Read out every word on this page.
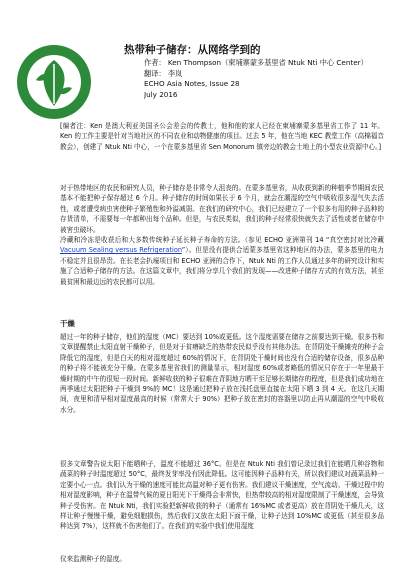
热带种子储存：从网络学到的
作者： Ken Thompson（柬埔寨蒙多基里省 Ntuk Nti 中心 Center）
翻译： 李岚
ECHO Asia Notes, Issue 28
July 2016
[编者注：Ken 是澳大利亚美国圣公会差会的传教士，他和他的家人已经在柬埔寨蒙多基里省工作了 11 年。Ken 的工作主要是针对当地社区的不同农业和动物健康的项目。过去 5 年，他在当地 KEC 教堂工作（高棉福音教会），创建了 Ntuk Nti 中心，一个在蒙多基里省 Sen Monorum 镇旁边的教会土地上的小型农业资源中心。]

对于热带地区的农民和研究人员，种子储存是非常令人沮丧的。在蒙多基里省，从收获到新的种植季节期间农民基本不能把种子保存超过 6 个月。种子储存的时间如果长于 6 个月，就会在潮湿的空气中吸收很多湿气失去活性，或者遭受病虫害使种子繁殖性和外溢减弱。在我们的研究中心，我们已经建立了一个很多有用的种子品种的存货清单，不需要每一年都种出每个品种。但是，与农民类似，我们的种子经常很快就失去了活性或者在储存中被害虫破坏。

冷藏和冷冻是收获后和大多数传统种子延长种子寿命的方法。（参见 ECHO 亚洲第刊 14 “真空密封对比冷藏 Vacuum Sealing versus Refrigeration”）。但是没有提供合适蒙多基里省这种地区的办法，蒙多基里的电力不稳定并且很昂贵。在长老会扒壕项目和 ECHO 亚洲的合作下，Ntuk Nti 的工作人员通过多年的研究设计和实施了合适种子储存的方法。在这篇文章中，我们将分享几个我们的发现——改进种子储存方式的有效方法，甚至最贫困和最边远的农民都可以用。

干燥
超过一年的种子储存，他们的湿度（MC）要达到 10%或更低。这个湿度需要在储存之前要达到干燥。很多书和文章提醒禁止太阳直射干燥种子，但是对于贫瘠缺乏的热带农民似乎没有其他办法。在背阴处干燥摊壳的种子会降低它的湿度，但是白天的相对湿度超过 60%的情况下，在背阴处干燥时间也没有合适的储存设备，很多品种的种子将不能被充分干燥。在蒙多基里省我们的测量显示，相对湿度 60%或者略低的情况只存在于一年里最干燥时期的中午的很短一段时间。新鲜收获的种子很难在背阴地方晒干至足够长期储存的程度，但是我们成功地在两季通过太阳把种子干燥到 9%的 MC！这是通过把种子放在浅托盘里直接在太阳下晒 3 到 4 天。在这几天期间，夜里和清早相对湿度最高的时候（常常大于 90%）把种子放在密封的容器里以防止再从潮湿的空气中吸收水分。
很多文章警告说太阳下能晒种子，温度不能超过 36°C。但是在 Ntuk Nti 我们曾记录过我们在能晒几种谷物和蔬菜的种子时温度超过 50°C，最终发芽率没有因此降低。这可能因种子品种有关，所以我们建议对蔬菜品种一定要小心一点。我们认为干燥的速度可能比高温对种子更有伤害。我们建议干燥速度，空气流动、干燥过程中的相对湿度影响，种子在温带气候的夏日阳光下干燥得会非常快，但热带较高的相对湿度限制了干燥速度，会导致种子受伤害。在 Ntuk Nti，我们实验把新鲜收获的种子（通常有 16%MC 或者更高）放在背阴处干燥几天，这样让种子慢慢干燥，避免细胞损伤，然后我们又放在太阳下面干燥，让种子达到 10%MC 或更低（甚至很多品种达到 7%），这样就不伤害他们了。在我们的实验中我们使用湿度
仪来监测种子的湿度。
